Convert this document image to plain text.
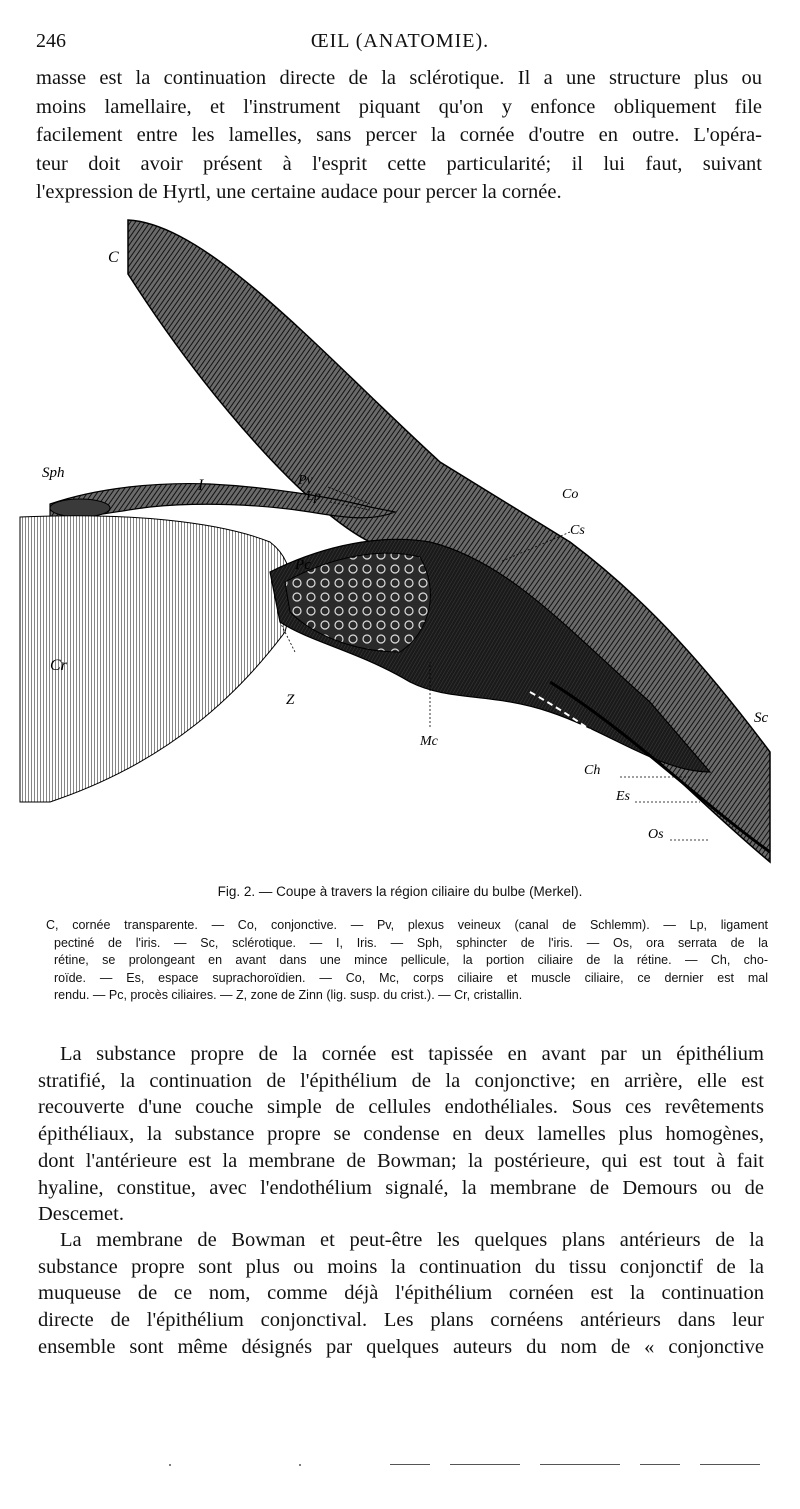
246	ŒIL (ANATOMIE).
masse est la continuation directe de la sclérotique. Il a une structure plus ou
moins lamellaire, et l'instrument piquant qu'on y enfonce obliquement file
facilement entre les lamelles, sans percer la cornée d'outre en outre. L'opéra-
teur doit avoir présent à l'esprit cette particularité; il lui faut, suivant
l'expression de Hyrtl, une certaine audace pour percer la cornée.
C
Sph
I	Pv
Lp	Co
Cs
Pc
Cr
Z
Mc
Sc
Ch
Es
Os
Fig. 2. — Coupe à travers la région ciliaire du bulbe (Merkel).
C, cornée transparente. — Co, conjonctive. — Pv, plexus veineux (canal de Schlemm). — Lp, ligament
pectiné de l'iris. — Sc, sclérotique. — I, Iris. — Sph, sphincter de l'iris. — Os, ora serrata de la
rétine, se prolongeant en avant dans une mince pellicule, la portion ciliaire de la rétine. — Ch, cho-
roïde. — Es, espace suprachoroïdien. — Co, Mc, corps ciliaire et muscle ciliaire, ce dernier est mal
rendu. — Pc, procès ciliaires. — Z, zone de Zinn (lig. susp. du crist.). — Cr, cristallin.
La substance propre de la cornée est tapissée en avant par un épithélium
stratifié, la continuation de l'épithélium de la conjonctive; en arrière, elle est
recouverte d'une couche simple de cellules endothéliales. Sous ces revêtements
épithéliaux, la substance propre se condense en deux lamelles plus homogènes,
dont l'antérieure est la membrane de Bowman; la postérieure, qui est tout à fait
hyaline, constitue, avec l'endothélium signalé, la membrane de Demours ou de
Descemet.
La membrane de Bowman et peut-être les quelques plans antérieurs de la
substance propre sont plus ou moins la continuation du tissu conjonctif de la
muqueuse de ce nom, comme déjà l'épithélium cornéen est la continuation
directe de l'épithélium conjonctival. Les plans cornéens antérieurs dans leur
ensemble sont même désignés par quelques auteurs du nom de « conjonctive
